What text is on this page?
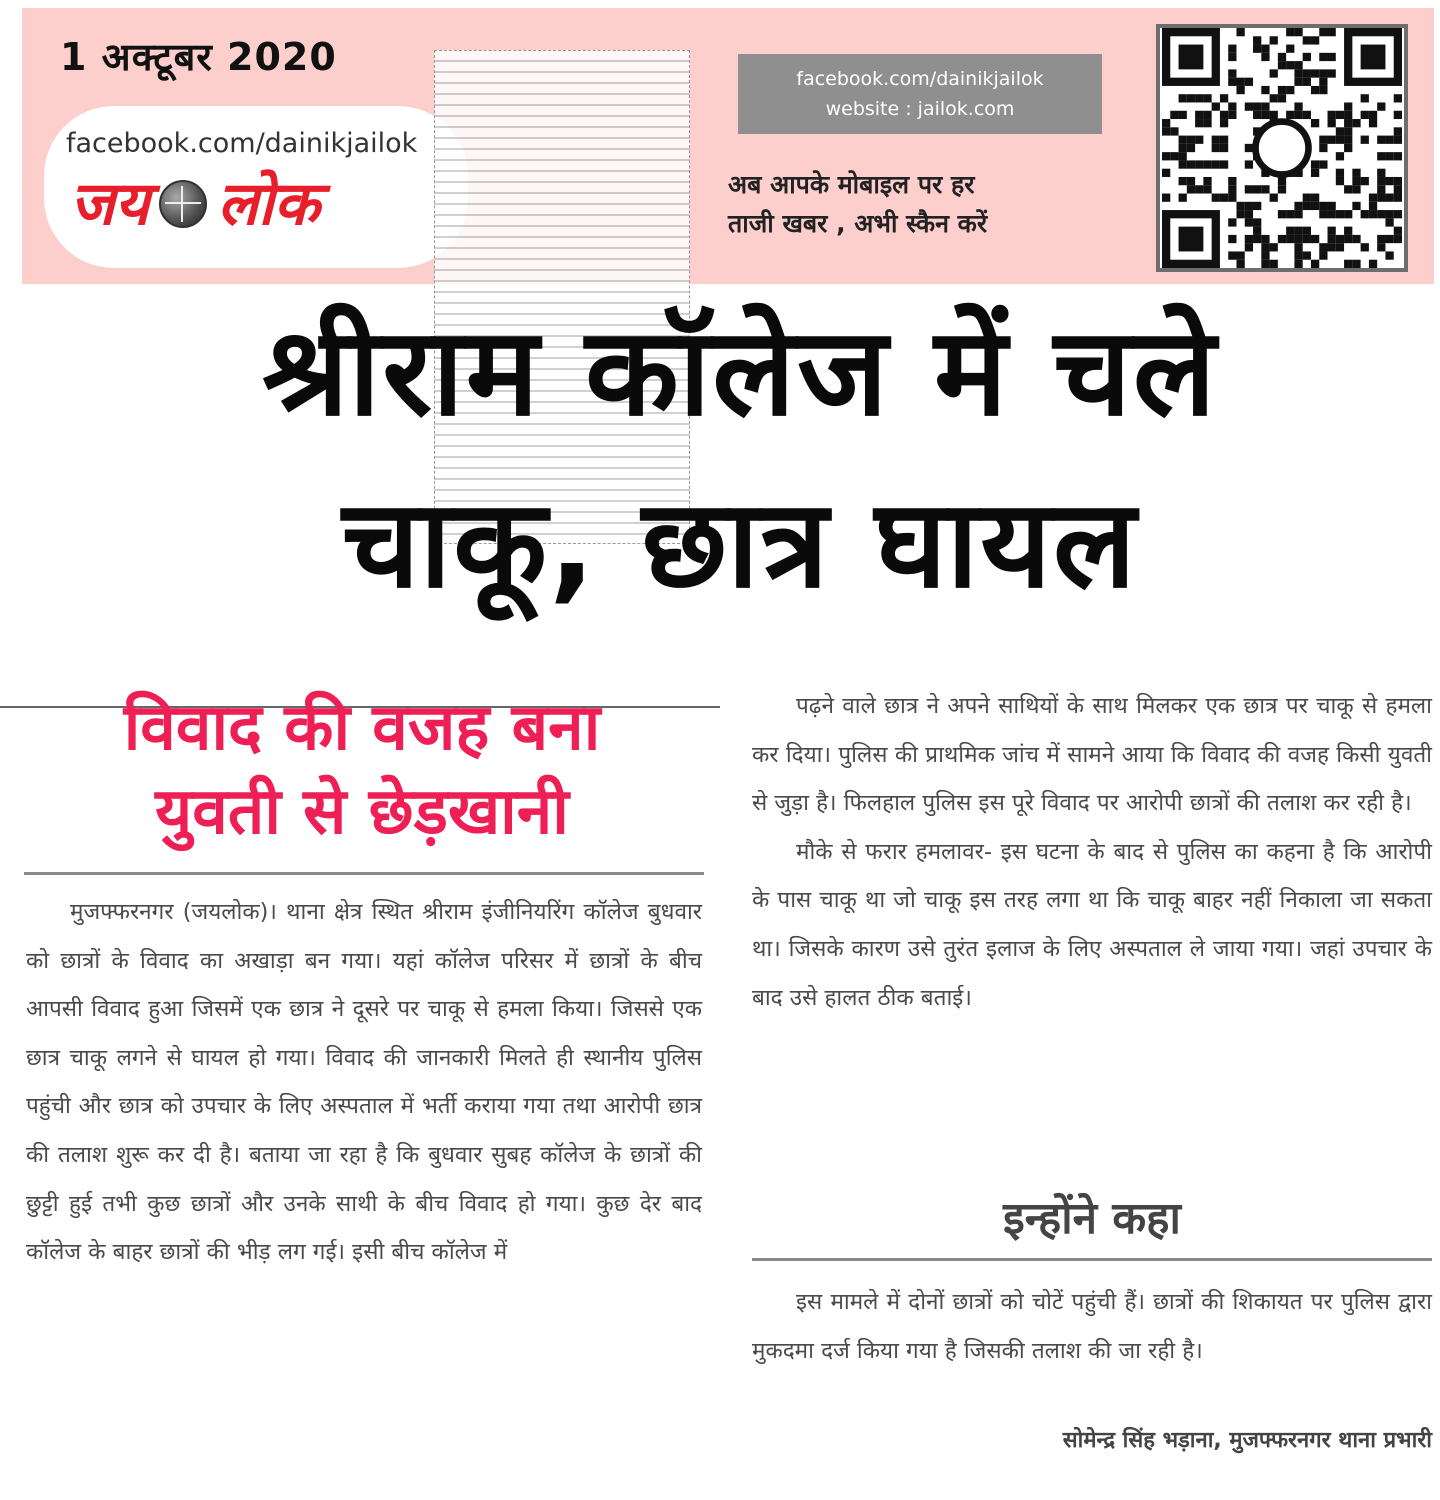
1 अक्टूबर 2020
facebook.com/dainikjailok
जय लोक
facebook.com/dainikjailok
website : jailok.com
अब आपके मोबाइल पर हर
ताजी खबर , अभी स्कैन करें
श्रीराम कॉलेज में चले
चाकू, छात्र घायल
विवाद की वजह बना
युवती से छेड़खानी

मुजफ्फरनगर (जयलोक)। थाना क्षेत्र स्थित श्रीराम इंजीनियरिंग कॉलेज बुधवार को छात्रों के विवाद का अखाड़ा बन गया। यहां कॉलेज परिसर में छात्रों के बीच आपसी विवाद हुआ जिसमें एक छात्र ने दूसरे पर चाकू से हमला किया। जिससे एक छात्र चाकू लगने से घायल हो गया। विवाद की जानकारी मिलते ही स्थानीय पुलिस पहुंची और छात्र को उपचार के लिए अस्पताल में भर्ती कराया गया तथा आरोपी छात्र की तलाश शुरू कर दी है। बताया जा रहा है कि बुधवार सुबह कॉलेज के छात्रों की छुट्टी हुई तभी कुछ छात्रों और उनके साथी के बीच विवाद हो गया। कुछ देर बाद कॉलेज के बाहर छात्रों की भीड़ लग गई। इसी बीच कॉलेज में

पढ़ने वाले छात्र ने अपने साथियों के साथ मिलकर एक छात्र पर चाकू से हमला कर दिया। पुलिस की प्राथमिक जांच में सामने आया कि विवाद की वजह किसी युवती से जुड़ा है। फिलहाल पुलिस इस पूरे विवाद पर आरोपी छात्रों की तलाश कर रही है।

मौके से फरार हमलावर- इस घटना के बाद से पुलिस का कहना है कि आरोपी के पास चाकू था जो चाकू इस तरह लगा था कि चाकू बाहर नहीं निकाला जा सकता था। जिसके कारण उसे तुरंत इलाज के लिए अस्पताल ले जाया गया। जहां उपचार के बाद उसे हालत ठीक बताई।

इन्होंने कहा

इस मामले में दोनों छात्रों को चोटें पहुंची हैं। छात्रों की शिकायत पर पुलिस द्वारा मुकदमा दर्ज किया गया है जिसकी तलाश की जा रही है।

सोमेन्द्र सिंह भड़ाना, मुजफ्फरनगर थाना प्रभारी
